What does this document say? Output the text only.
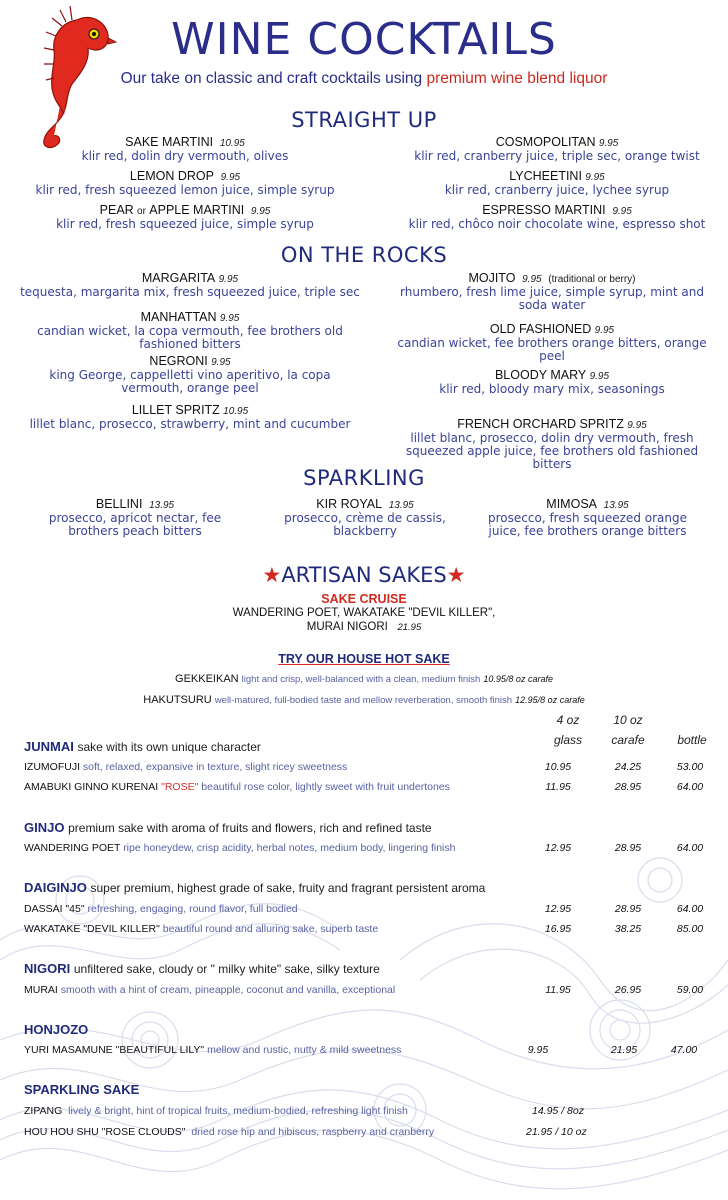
WINE COCKTAILS
Our take on classic and craft cocktails using premium wine blend liquor
STRAIGHT UP
SAKE MARTINI 10.95
klir red, dolin dry vermouth, olives
LEMON DROP 9.95
klir red, fresh squeezed lemon juice, simple syrup
PEAR or APPLE MARTINI 9.95
klir red, fresh squeezed juice, simple syrup
COSMOPOLITAN 9.95
klir red, cranberry juice, triple sec, orange twist
LYCHEETINI 9.95
klir red, cranberry juice, lychee syrup
ESPRESSO MARTINI 9.95
klir red, chôco noir chocolate wine, espresso shot
ON THE ROCKS
MARGARITA 9.95
tequesta, margarita mix, fresh squeezed juice, triple sec
MANHATTAN 9.95
candian wicket, la copa vermouth, fee brothers old fashioned bitters
NEGRONI 9.95
king George, cappelletti vino aperitivo, la copa vermouth, orange peel
LILLET SPRITZ 10.95
lillet blanc, prosecco, strawberry, mint and cucumber
MOJITO 9.95 (traditional or berry)
rhumbero, fresh lime juice, simple syrup, mint and soda water
OLD FASHIONED 9.95
candian wicket, fee brothers orange bitters, orange peel
BLOODY MARY 9.95
klir red, bloody mary mix, seasonings
FRENCH ORCHARD SPRITZ 9.95
lillet blanc, prosecco, dolin dry vermouth, fresh squeezed apple juice, fee brothers old fashioned bitters
SPARKLING
BELLINI 13.95
prosecco, apricot nectar, fee brothers peach bitters
KIR ROYAL 13.95
prosecco, crème de cassis, blackberry
MIMOSA 13.95
prosecco, fresh squeezed orange juice, fee brothers orange bitters
★ARTISAN SAKES★
SAKE CRUISE
WANDERING POET, WAKATAKE "DEVIL KILLER",
MURAI NIGORI 21.95
TRY OUR HOUSE HOT SAKE
GEKKEIKAN light and crisp, well-balanced with a clean, medium finish 10.95/8 oz carafe
HAKUTSURU well-matured, full-bodied taste and mellow reverberation, smooth finish 12.95/8 oz carafe
4 oz
glass
10 oz
carafe	bottle
JUNMAI sake with its own unique character
IZUMOFUJI soft, relaxed, expansive in texture, slight ricey sweetness	10.95	24.25	53.00
AMABUKI GINNO KURENAI "ROSE" beautiful rose color, lightly sweet with fruit undertones	11.95	28.95	64.00
GINJO premium sake with aroma of fruits and flowers, rich and refined taste
WANDERING POET ripe honeydew, crisp acidity, herbal notes, medium body, lingering finish	12.95	28.95	64.00
DAIGINJO super premium, highest grade of sake, fruity and fragrant persistent aroma
DASSAI "45" refreshing, engaging, round flavor, full bodied	12.95	28.95	64.00
WAKATAKE "DEVIL KILLER" beautiful round and alluring sake, superb taste	16.95	38.25	85.00
NIGORI unfiltered sake, cloudy or " milky white" sake, silky texture
MURAI smooth with a hint of cream, pineapple, coconut and vanilla, exceptional	11.95	26.95	59.00
HONJOZO
YURI MASAMUNE "BEAUTIFUL LILY" mellow and rustic, nutty & mild sweetness	9.95	21.95	47.00
SPARKLING SAKE
ZIPANG lively & bright, hint of tropical fruits, medium-bodied, refreshing light finish	14.95 / 8oz
HOU HOU SHU "ROSE CLOUDS" dried rose hip and hibiscus, raspberry and cranberry	21.95 / 10 oz
